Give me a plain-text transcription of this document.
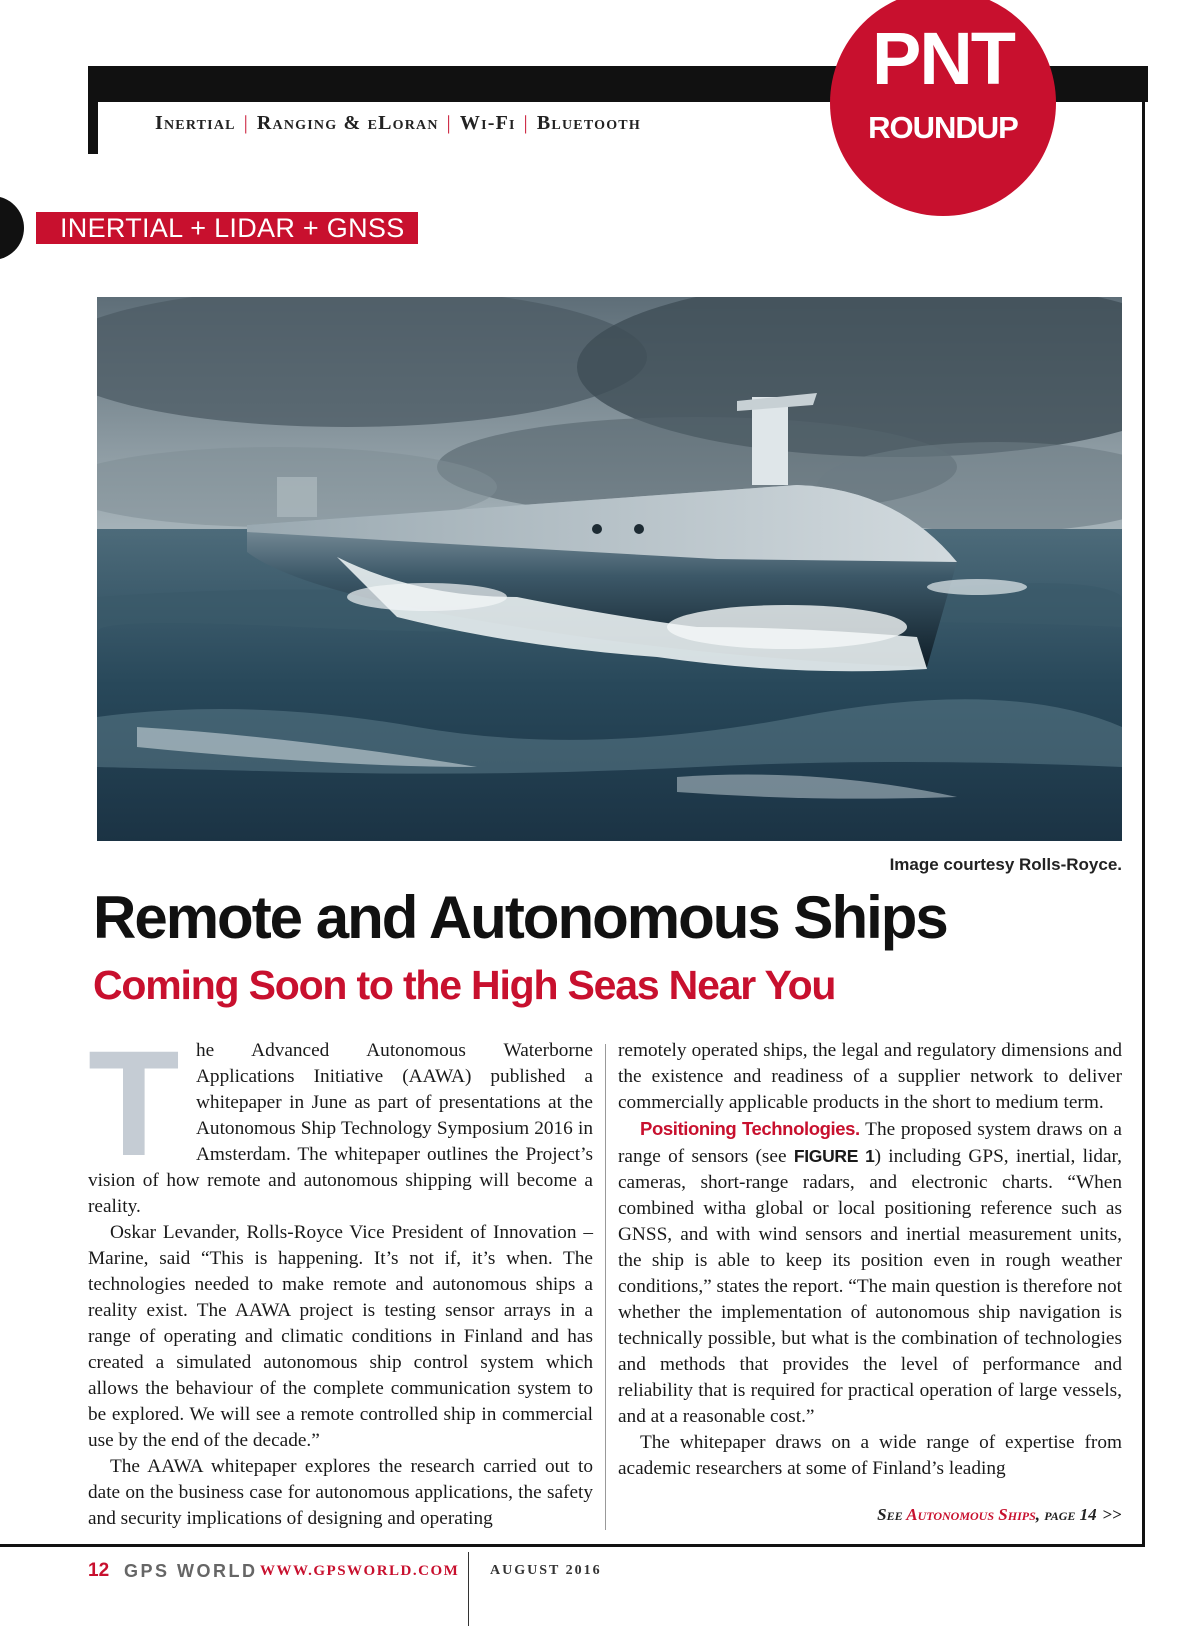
Inertial | Ranging & eLoran | Wi-Fi | Bluetooth
PNT
ROUNDUP
INERTIAL + LIDAR + GNSS
Image courtesy Rolls-Royce.
Remote and Autonomous Ships
Coming Soon to the High Seas Near You
T he Advanced Autonomous Waterborne Applications Initiative (AAWA) published a whitepaper in June as part of presentations at the Autonomous Ship Technology Symposium 2016 in Amsterdam. The whitepaper outlines the Project’s vision of how remote and autonomous shipping will become a reality.

Oskar Levander, Rolls-Royce Vice President of Innovation – Marine, said “This is happening. It’s not if, it’s when. The technologies needed to make remote and autonomous ships a reality exist. The AAWA project is testing sensor arrays in a range of operating and climatic conditions in Finland and has created a simulated autonomous ship control system which allows the behaviour of the complete communication system to be explored. We will see a remote controlled ship in commercial use by the end of the decade.”

The AAWA whitepaper explores the research carried out to date on the business case for autonomous applications, the safety and security implications of designing and operating

remotely operated ships, the legal and regulatory dimensions and the existence and readiness of a supplier network to deliver commercially applicable products in the short to medium term.

Positioning Technologies. The proposed system draws on a range of sensors (see FIGURE 1) including GPS, inertial, lidar, cameras, short-range radars, and electronic charts. “When combined witha global or local positioning reference such as GNSS, and with wind sensors and inertial measurement units, the ship is able to keep its position even in rough weather conditions,” states the report. “The main question is therefore not whether the implementation of autonomous ship navigation is technically possible, but what is the combination of technologies and methods that provides the level of performance and reliability that is required for practical operation of large vessels, and at a reasonable cost.”

The whitepaper draws on a wide range of expertise from academic researchers at some of Finland’s leading

See Autonomous Ships, page 14 >>
12 GPS WORLD WWW.GPSWORLD.COM AUGUST 2016
